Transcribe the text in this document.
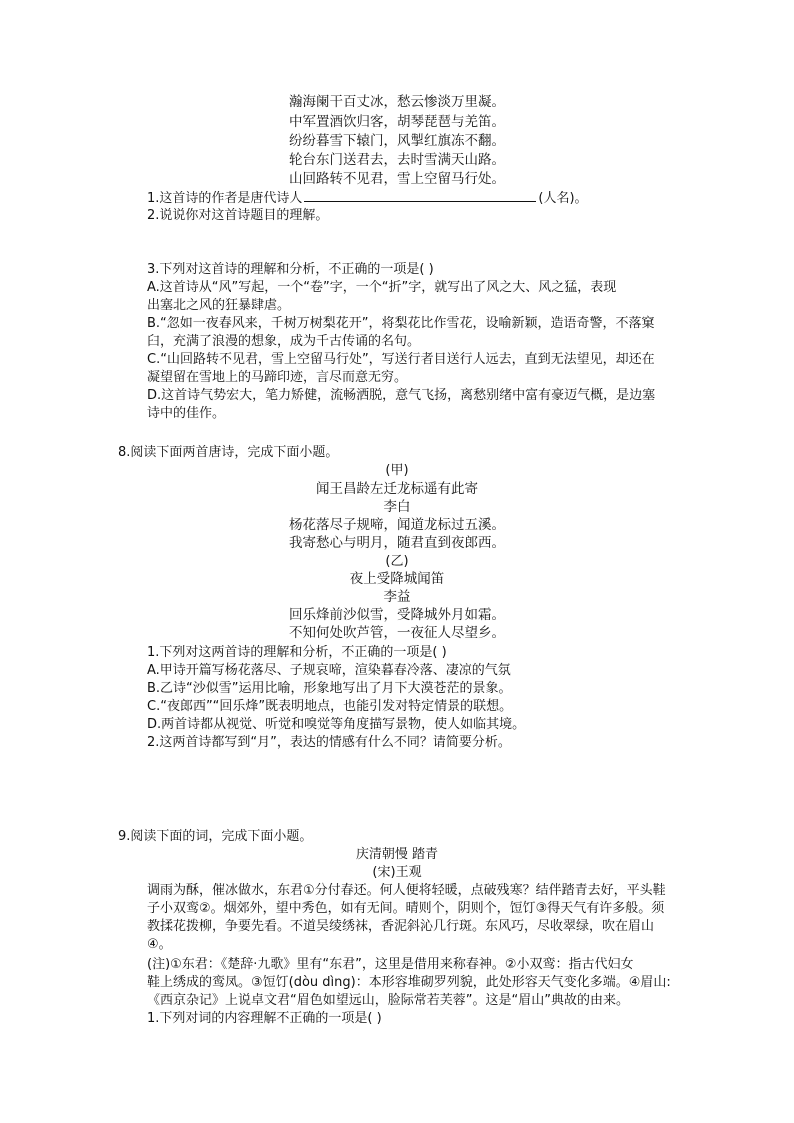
瀚海阑干百丈冰，愁云惨淡万里凝。
中军置酒饮归客，胡琴琵琶与羌笛。
纷纷暮雪下辕门，风掣红旗冻不翻。
轮台东门送君去，去时雪满天山路。
山回路转不见君，雪上空留马行处。
1.这首诗的作者是唐代诗人	(人名)。
2.说说你对这首诗题目的理解。
3.下列对这首诗的理解和分析，不正确的一项是( )
A.这首诗从“风”写起，一个“卷”字，一个“折”字，就写出了风之大、风之猛，表现
出塞北之风的狂暴肆虐。
B.“忽如一夜春风来，千树万树梨花开”，将梨花比作雪花，设喻新颖，造语奇警，不落窠
臼，充满了浪漫的想象，成为千古传诵的名句。
C.“山回路转不见君，雪上空留马行处”，写送行者目送行人远去，直到无法望见，却还在
凝望留在雪地上的马蹄印迹，言尽而意无穷。
D.这首诗气势宏大，笔力矫健，流畅洒脱，意气飞扬，离愁别绪中富有豪迈气概，是边塞
诗中的佳作。
8.阅读下面两首唐诗，完成下面小题。
(甲)
闻王昌龄左迁龙标遥有此寄
李白
杨花落尽子规啼，闻道龙标过五溪。
我寄愁心与明月，随君直到夜郎西。
(乙)
夜上受降城闻笛
李益
回乐烽前沙似雪，受降城外月如霜。
不知何处吹芦管，一夜征人尽望乡。
1.下列对这两首诗的理解和分析，不正确的一项是( )
A.甲诗开篇写杨花落尽、子规哀啼，渲染暮春冷落、凄凉的气氛
B.乙诗“沙似雪”运用比喻，形象地写出了月下大漠苍茫的景象。
C.“夜郎西”“回乐烽”既表明地点，也能引发对特定情景的联想。
D.两首诗都从视觉、听觉和嗅觉等角度描写景物，使人如临其境。
2.这两首诗都写到“月”，表达的情感有什么不同？请简要分析。
9.阅读下面的词，完成下面小题。
庆清朝慢 踏青
(宋)王观
调雨为酥，催冰做水，东君①分付春还。何人便将轻暖，点破残寒？结伴踏青去好，平头鞋
子小双鸾②。烟郊外，望中秀色，如有无间。晴则个，阴则个，饾饤③得天气有许多般。须
教揉花拨柳，争要先看。不道吴绫绣袜，香泥斜沁几行斑。东风巧，尽收翠绿，吹在眉山
④。
(注)①东君：《楚辞·九歌》里有“东君”，这里是借用来称春神。②小双鸾：指古代妇女
鞋上绣成的鸾凤。③饾饤(dòu dìng)：本形容堆砌罗列貌，此处形容天气变化多端。④眉山:
《西京杂记》上说卓文君“眉色如望远山，脸际常若芙蓉”。这是“眉山”典故的由来。
1.下列对词的内容理解不正确的一项是( )
